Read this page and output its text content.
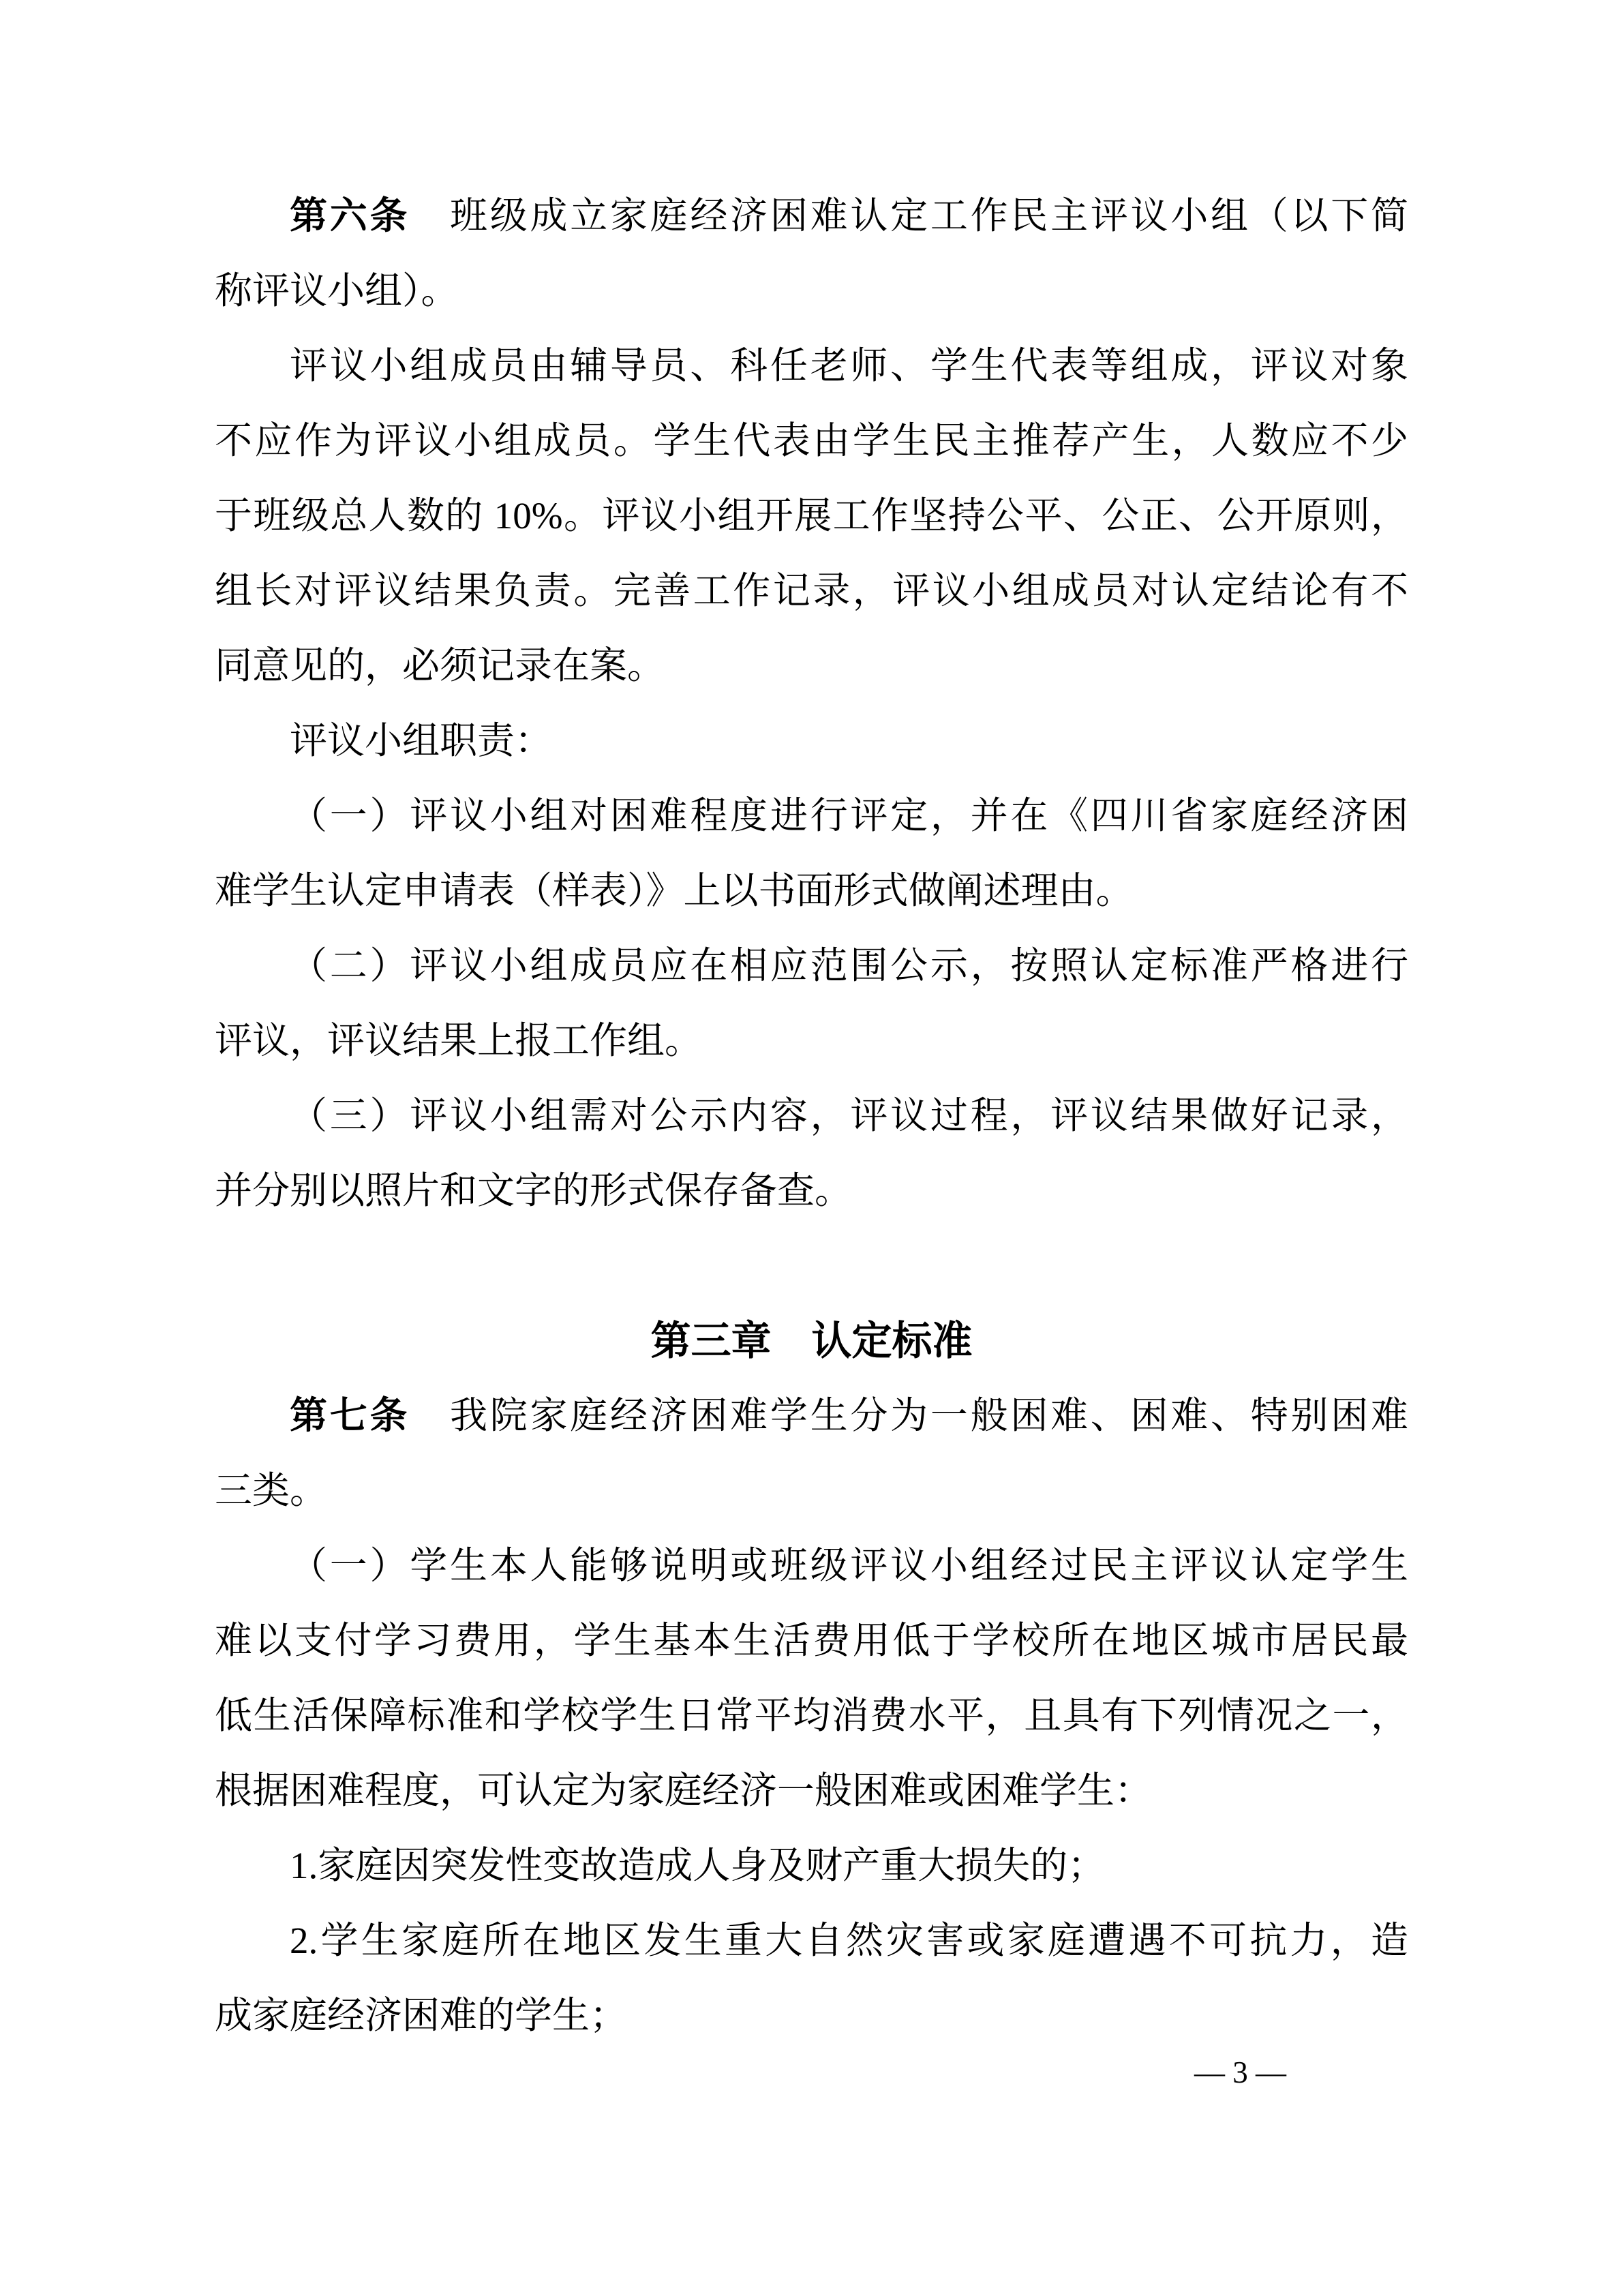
第六条　班级成立家庭经济困难认定工作民主评议小组（以下简
称评议小组）。
评议小组成员由辅导员、科任老师、学生代表等组成，评议对象
不应作为评议小组成员。学生代表由学生民主推荐产生，人数应不少
于班级总人数的 10%。评议小组开展工作坚持公平、公正、公开原则，
组长对评议结果负责。完善工作记录，评议小组成员对认定结论有不
同意见的，必须记录在案。
评议小组职责：
（一）评议小组对困难程度进行评定，并在《四川省家庭经济困
难学生认定申请表（样表）》上以书面形式做阐述理由。
（二）评议小组成员应在相应范围公示，按照认定标准严格进行
评议，评议结果上报工作组。
（三）评议小组需对公示内容，评议过程，评议结果做好记录，
并分别以照片和文字的形式保存备查。
第三章　认定标准
第七条　我院家庭经济困难学生分为一般困难、困难、特别困难
三类。
（一）学生本人能够说明或班级评议小组经过民主评议认定学生
难以支付学习费用，学生基本生活费用低于学校所在地区城市居民最
低生活保障标准和学校学生日常平均消费水平，且具有下列情况之一，
根据困难程度，可认定为家庭经济一般困难或困难学生：
1.家庭因突发性变故造成人身及财产重大损失的；
2.学生家庭所在地区发生重大自然灾害或家庭遭遇不可抗力，造
成家庭经济困难的学生；
— 3 —
